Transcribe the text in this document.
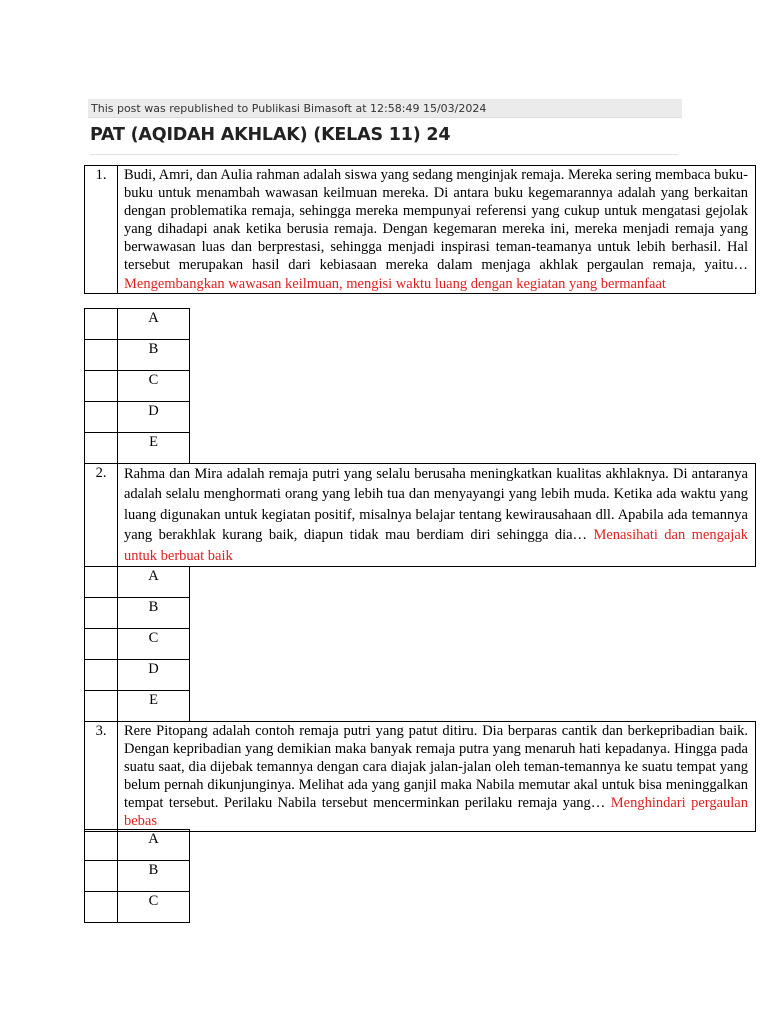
This post was republished to Publikasi Bimasoft at 12:58:49 15/03/2024
PAT (AQIDAH AKHLAK) (KELAS 11) 24
1.	Budi, Amri, dan Aulia rahman adalah siswa yang sedang menginjak remaja. Mereka sering membaca buku-buku untuk menambah wawasan keilmuan mereka. Di antara buku kegemarannya adalah yang berkaitan dengan problematika remaja, sehingga mereka mempunyai referensi yang cukup untuk mengatasi gejolak yang dihadapi anak ketika berusia remaja. Dengan kegemaran mereka ini, mereka menjadi remaja yang berwawasan luas dan berprestasi, sehingga menjadi inspirasi teman-teamanya untuk lebih berhasil. Hal tersebut merupakan hasil dari kebiasaan mereka dalam menjaga akhlak pergaulan remaja, yaitu… Mengembangkan wawasan keilmuan, mengisi waktu luang dengan kegiatan yang bermanfaat
	A
	B
	C
	D
	E
2.	Rahma dan Mira adalah remaja putri yang selalu berusaha meningkatkan kualitas akhlaknya. Di antaranya adalah selalu menghormati orang yang lebih tua dan menyayangi yang lebih muda. Ketika ada waktu yang luang digunakan untuk kegiatan positif, misalnya belajar tentang kewirausahaan dll. Apabila ada temannya yang berakhlak kurang baik, diapun tidak mau berdiam diri sehingga dia… Menasihati dan mengajak untuk berbuat baik
	A
	B
	C
	D
	E
3.	Rere Pitopang adalah contoh remaja putri yang patut ditiru. Dia berparas cantik dan berkepribadian baik. Dengan kepribadian yang demikian maka banyak remaja putra yang menaruh hati kepadanya. Hingga pada suatu saat, dia dijebak temannya dengan cara diajak jalan-jalan oleh teman-temannya ke suatu tempat yang belum pernah dikunjunginya. Melihat ada yang ganjil maka Nabila memutar akal untuk bisa meninggalkan tempat tersebut. Perilaku Nabila tersebut mencerminkan perilaku remaja yang… Menghindari pergaulan bebas
	A
	B
	C
